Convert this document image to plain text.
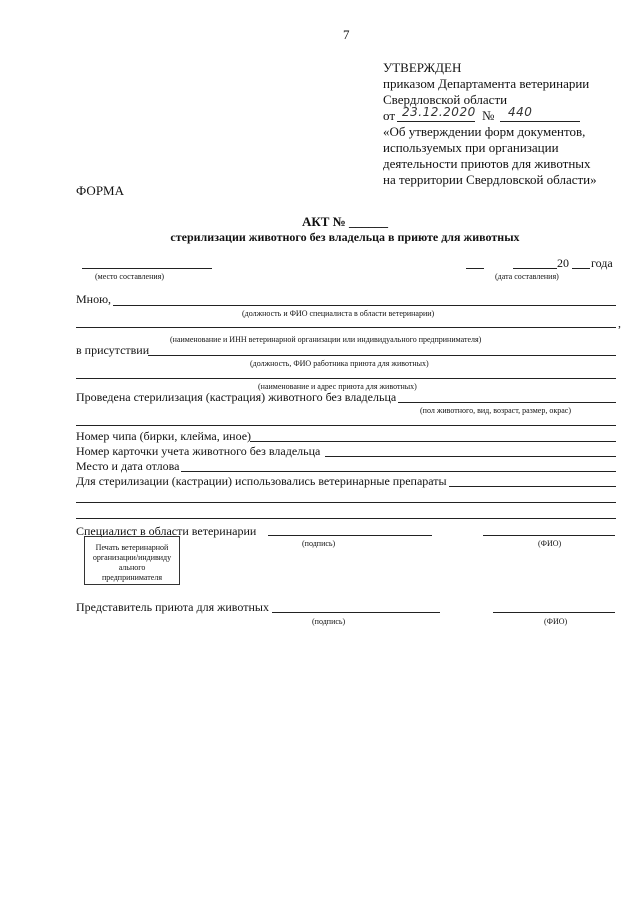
7
УТВЕРЖДЕН
приказом Департамента ветеринарии
Свердловской области
от 23.12.2020 № 440
«Об утверждении форм документов,
используемых при организации
деятельности приютов для животных
на территории Свердловской области»
ФОРМА
АКТ № ______
стерилизации животного без владельца в приюте для животных
(место составления)
20 года
(дата составления)
Мною,
(должность и ФИО специалиста в области ветеринарии)
,
(наименование и ИНН ветеринарной организации или индивидуального предпринимателя)
в присутствии
(должность, ФИО работника приюта для животных)
(наименование и адрес приюта для животных)
Проведена стерилизация (кастрация) животного без владельца
(пол животного, вид, возраст, размер, окрас)
Номер чипа (бирки, клейма, иное)
Номер карточки учета животного без владельца
Место и дата отлова
Для стерилизации (кастрации) использовались ветеринарные препараты
Специалист в области ветеринарии
(подпись)	(ФИО)
Печать ветеринарной организации/индивиду ального предпринимателя
Представитель приюта для животных
(подпись)	(ФИО)
